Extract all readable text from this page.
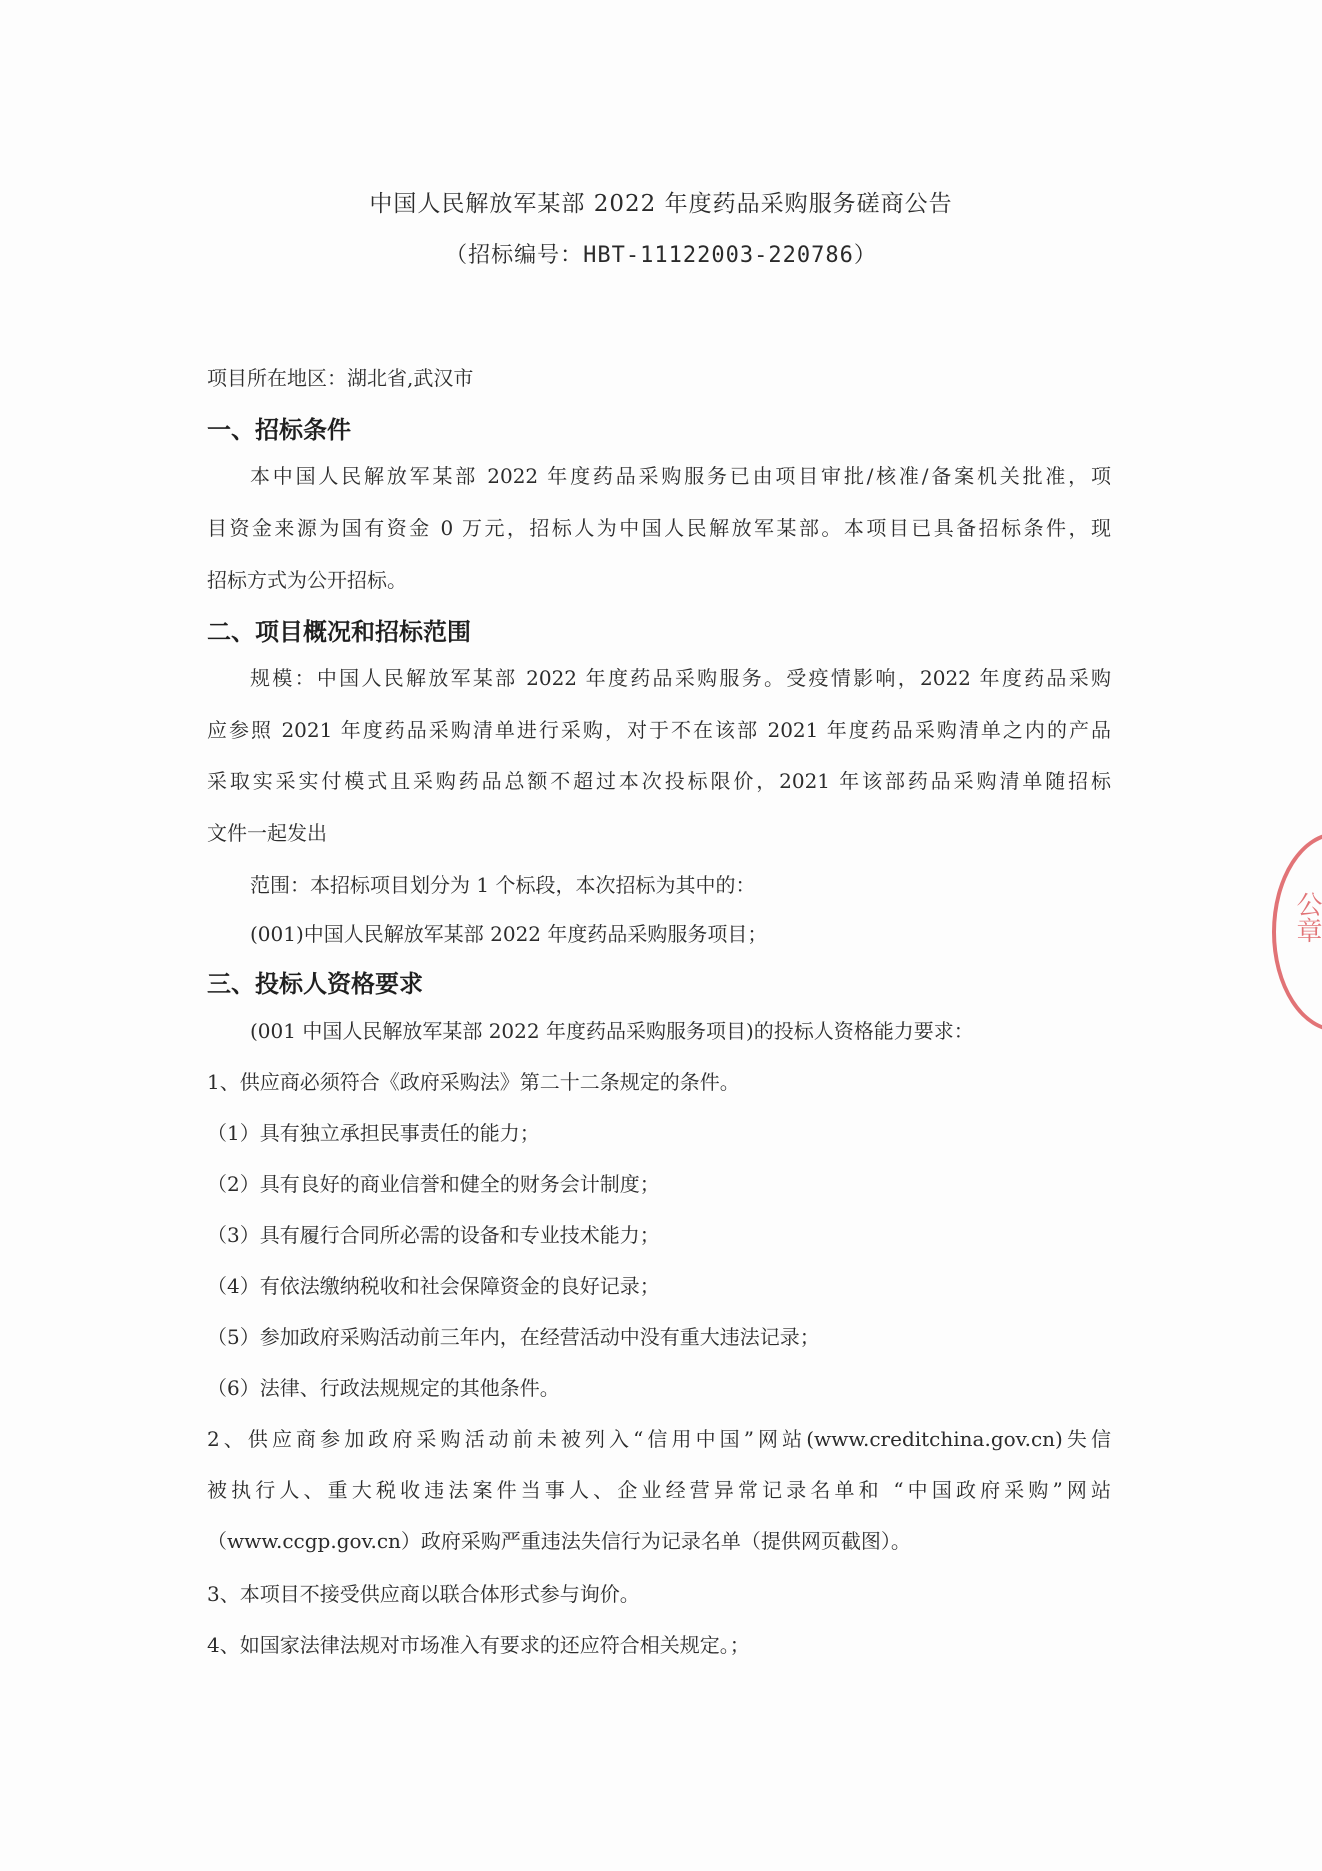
中国人民解放军某部 2022 年度药品采购服务磋商公告
（招标编号：HBT-11122003-220786）
项目所在地区：湖北省,武汉市
一、招标条件
本中国人民解放军某部 2022 年度药品采购服务已由项目审批/核准/备案机关批准，项
目资金来源为国有资金 0 万元，招标人为中国人民解放军某部。本项目已具备招标条件，现
招标方式为公开招标。
二、项目概况和招标范围
规模：中国人民解放军某部 2022 年度药品采购服务。受疫情影响，2022 年度药品采购
应参照 2021 年度药品采购清单进行采购，对于不在该部 2021 年度药品采购清单之内的产品
采取实采实付模式且采购药品总额不超过本次投标限价，2021 年该部药品采购清单随招标
文件一起发出
范围：本招标项目划分为 1 个标段，本次招标为其中的：
(001)中国人民解放军某部 2022 年度药品采购服务项目；
三、投标人资格要求
(001 中国人民解放军某部 2022 年度药品采购服务项目)的投标人资格能力要求：
1、供应商必须符合《政府采购法》第二十二条规定的条件。
（1）具有独立承担民事责任的能力；
（2）具有良好的商业信誉和健全的财务会计制度；
（3）具有履行合同所必需的设备和专业技术能力；
（4）有依法缴纳税收和社会保障资金的良好记录；
（5）参加政府采购活动前三年内，在经营活动中没有重大违法记录；
（6）法律、行政法规规定的其他条件。
2、供应商参加政府采购活动前未被列入“信用中国”网站(www.creditchina.gov.cn)失信
被执行人、重大税收违法案件当事人、企业经营异常记录名单和 “中国政府采购”网站
（www.ccgp.gov.cn）政府采购严重违法失信行为记录名单（提供网页截图）。
3、本项目不接受供应商以联合体形式参与询价。
4、如国家法律法规对市场准入有要求的还应符合相关规定。；
公章
